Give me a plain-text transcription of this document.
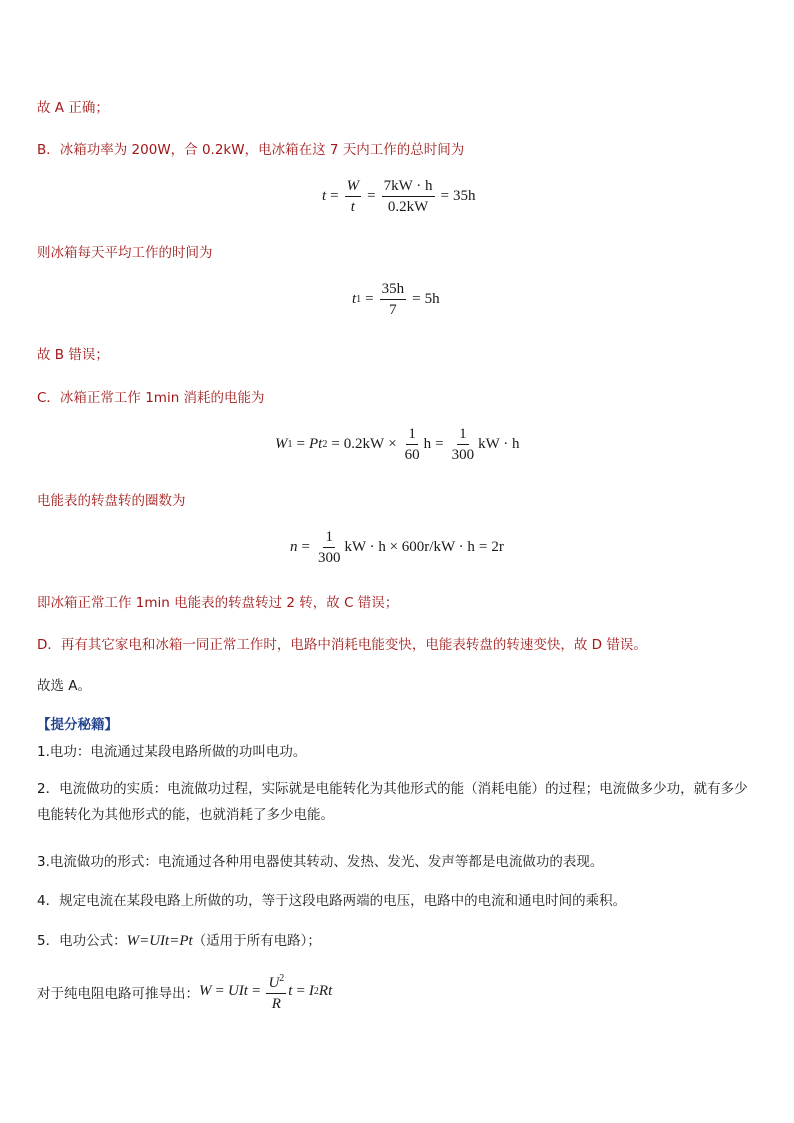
故 A 正确；
B．冰箱功率为 200W，合 0.2kW，电冰箱在这 7 天内工作的总时间为
$t = \frac{W}{t} = \frac{7kW \cdot h}{0.2kW} = 35h$
则冰箱每天平均工作的时间为
t $1 = \frac{35h}{7} = 5h$
故 B 错误；
C．冰箱正常工作 1min 消耗的电能为
W 1 = P t $2 = 0.2kW \times \frac{1}{60}$ $h = \frac{1}{300}$ kW · h
电能表的转盘转的圈数为
$n = \frac{1}{300}$ kW · h × 600r/kW · h = 2r
即冰箱正常工作 1min 电能表的转盘转过 2 转，故 C 错误；
D．再有其它家电和冰箱一同正常工作时，电路中消耗电能变快，电能表转盘的转速变快，故 D 错误。
故选 A。
【提分秘籍】
1.电功：电流通过某段电路所做的功叫电功。
2．电流做功的实质：电流做功过程，实际就是电能转化为其他形式的能（消耗电能）的过程；电流做多少功，就有多少电能转化为其他形式的能，也就消耗了多少电能。
3.电流做功的形式：电流通过各种用电器使其转动、发热、发光、发声等都是电流做功的表现。
4．规定电流在某段电路上所做的功，等于这段电路两端的电压，电路中的电流和通电时间的乘积。
5．电功公式：W=UIt=Pt（适用于所有电路）；
对于纯电阻电路可推导出： W = UIt = $\frac{U^2}{R}$ t = I 2 Rt
